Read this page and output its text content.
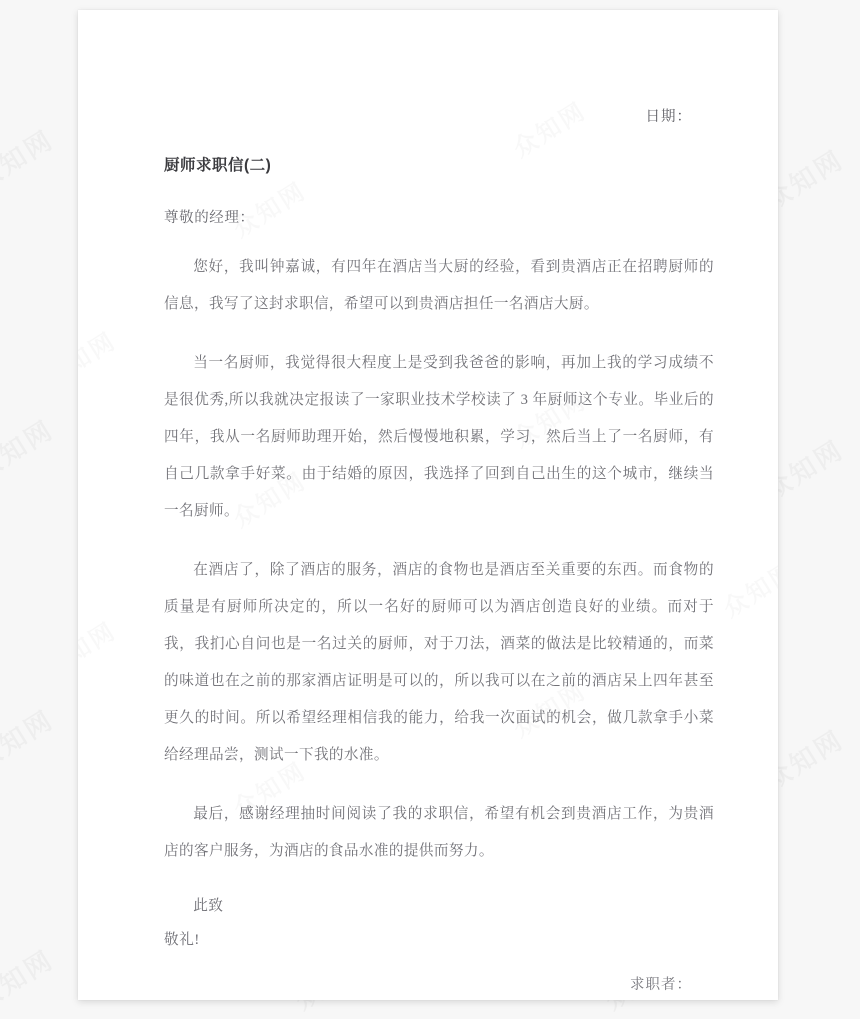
日期：
厨师求职信(二)
尊敬的经理：

您好，我叫钟嘉诚，有四年在酒店当大厨的经验，看到贵酒店正在招聘厨师的信息，我写了这封求职信，希望可以到贵酒店担任一名酒店大厨。

当一名厨师，我觉得很大程度上是受到我爸爸的影响，再加上我的学习成绩不是很优秀,所以我就决定报读了一家职业技术学校读了 3 年厨师这个专业。毕业后的四年，我从一名厨师助理开始，然后慢慢地积累，学习，然后当上了一名厨师，有自己几款拿手好菜。由于结婚的原因，我选择了回到自己出生的这个城市，继续当一名厨师。

在酒店了，除了酒店的服务，酒店的食物也是酒店至关重要的东西。而食物的质量是有厨师所决定的，所以一名好的厨师可以为酒店创造良好的业绩。而对于我，我扪心自问也是一名过关的厨师，对于刀法，酒菜的做法是比较精通的，而菜的味道也在之前的那家酒店证明是可以的，所以我可以在之前的酒店呆上四年甚至更久的时间。所以希望经理相信我的能力，给我一次面试的机会，做几款拿手小菜给经理品尝，测试一下我的水准。

最后，感谢经理抽时间阅读了我的求职信，希望有机会到贵酒店工作，为贵酒店的客户服务，为酒店的食品水准的提供而努力。

此致
敬礼!
求职者：
